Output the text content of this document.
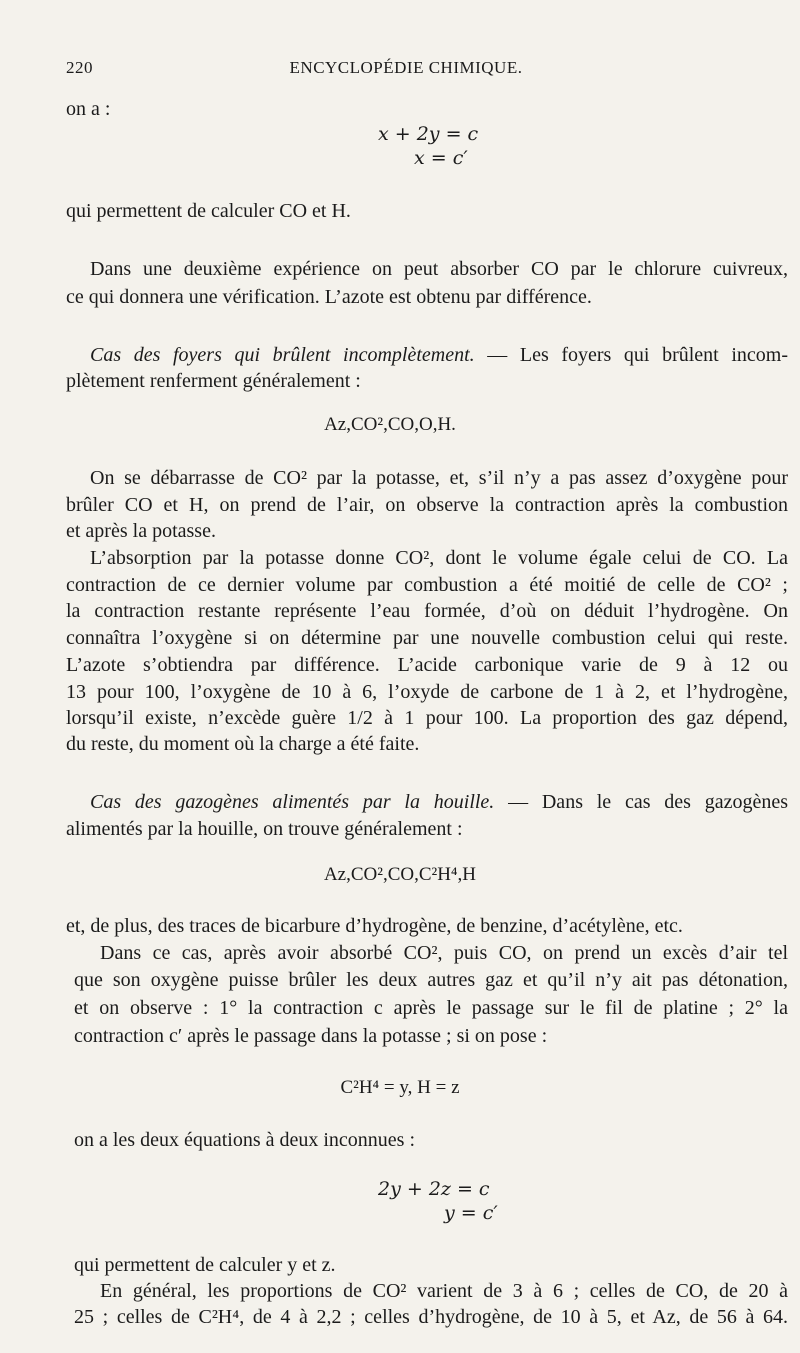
220	ENCYCLOPÉDIE CHIMIQUE.
on a :
x + 2y = c
x = c′
qui permettent de calculer CO et H.
Dans une deuxième expérience on peut absorber CO par le chlorure cuivreux,
ce qui donnera une vérification. L’azote est obtenu par différence.
Cas des foyers qui brûlent incomplètement. — Les foyers qui brûlent incom-
plètement renferment généralement :
Az,CO²,CO,O,H.
On se débarrasse de CO² par la potasse, et, s’il n’y a pas assez d’oxygène pour
brûler CO et H, on prend de l’air, on observe la contraction après la combustion
et après la potasse.
L’absorption par la potasse donne CO², dont le volume égale celui de CO. La
contraction de ce dernier volume par combustion a été moitié de celle de CO² ;
la contraction restante représente l’eau formée, d’où on déduit l’hydrogène. On
connaîtra l’oxygène si on détermine par une nouvelle combustion celui qui reste.
L’azote s’obtiendra par différence. L’acide carbonique varie de 9 à 12 ou
13 pour 100, l’oxygène de 10 à 6, l’oxyde de carbone de 1 à 2, et l’hydrogène,
lorsqu’il existe, n’excède guère 1/2 à 1 pour 100. La proportion des gaz dépend,
du reste, du moment où la charge a été faite.
Cas des gazogènes alimentés par la houille. — Dans le cas des gazogènes
alimentés par la houille, on trouve généralement :
Az,CO²,CO,C²H⁴,H
et, de plus, des traces de bicarbure d’hydrogène, de benzine, d’acétylène, etc.
Dans ce cas, après avoir absorbé CO², puis CO, on prend un excès d’air tel
que son oxygène puisse brûler les deux autres gaz et qu’il n’y ait pas détonation,
et on observe : 1° la contraction c après le passage sur le fil de platine ; 2° la
contraction c′ après le passage dans la potasse ; si on pose :
C²H⁴ = y, H = z
on a les deux équations à deux inconnues :
2y + 2z = c
y = c′
qui permettent de calculer y et z.
En général, les proportions de CO² varient de 3 à 6 ; celles de CO, de 20 à
25 ; celles de C²H⁴, de 4 à 2,2 ; celles d’hydrogène, de 10 à 5, et Az, de 56 à 64.
